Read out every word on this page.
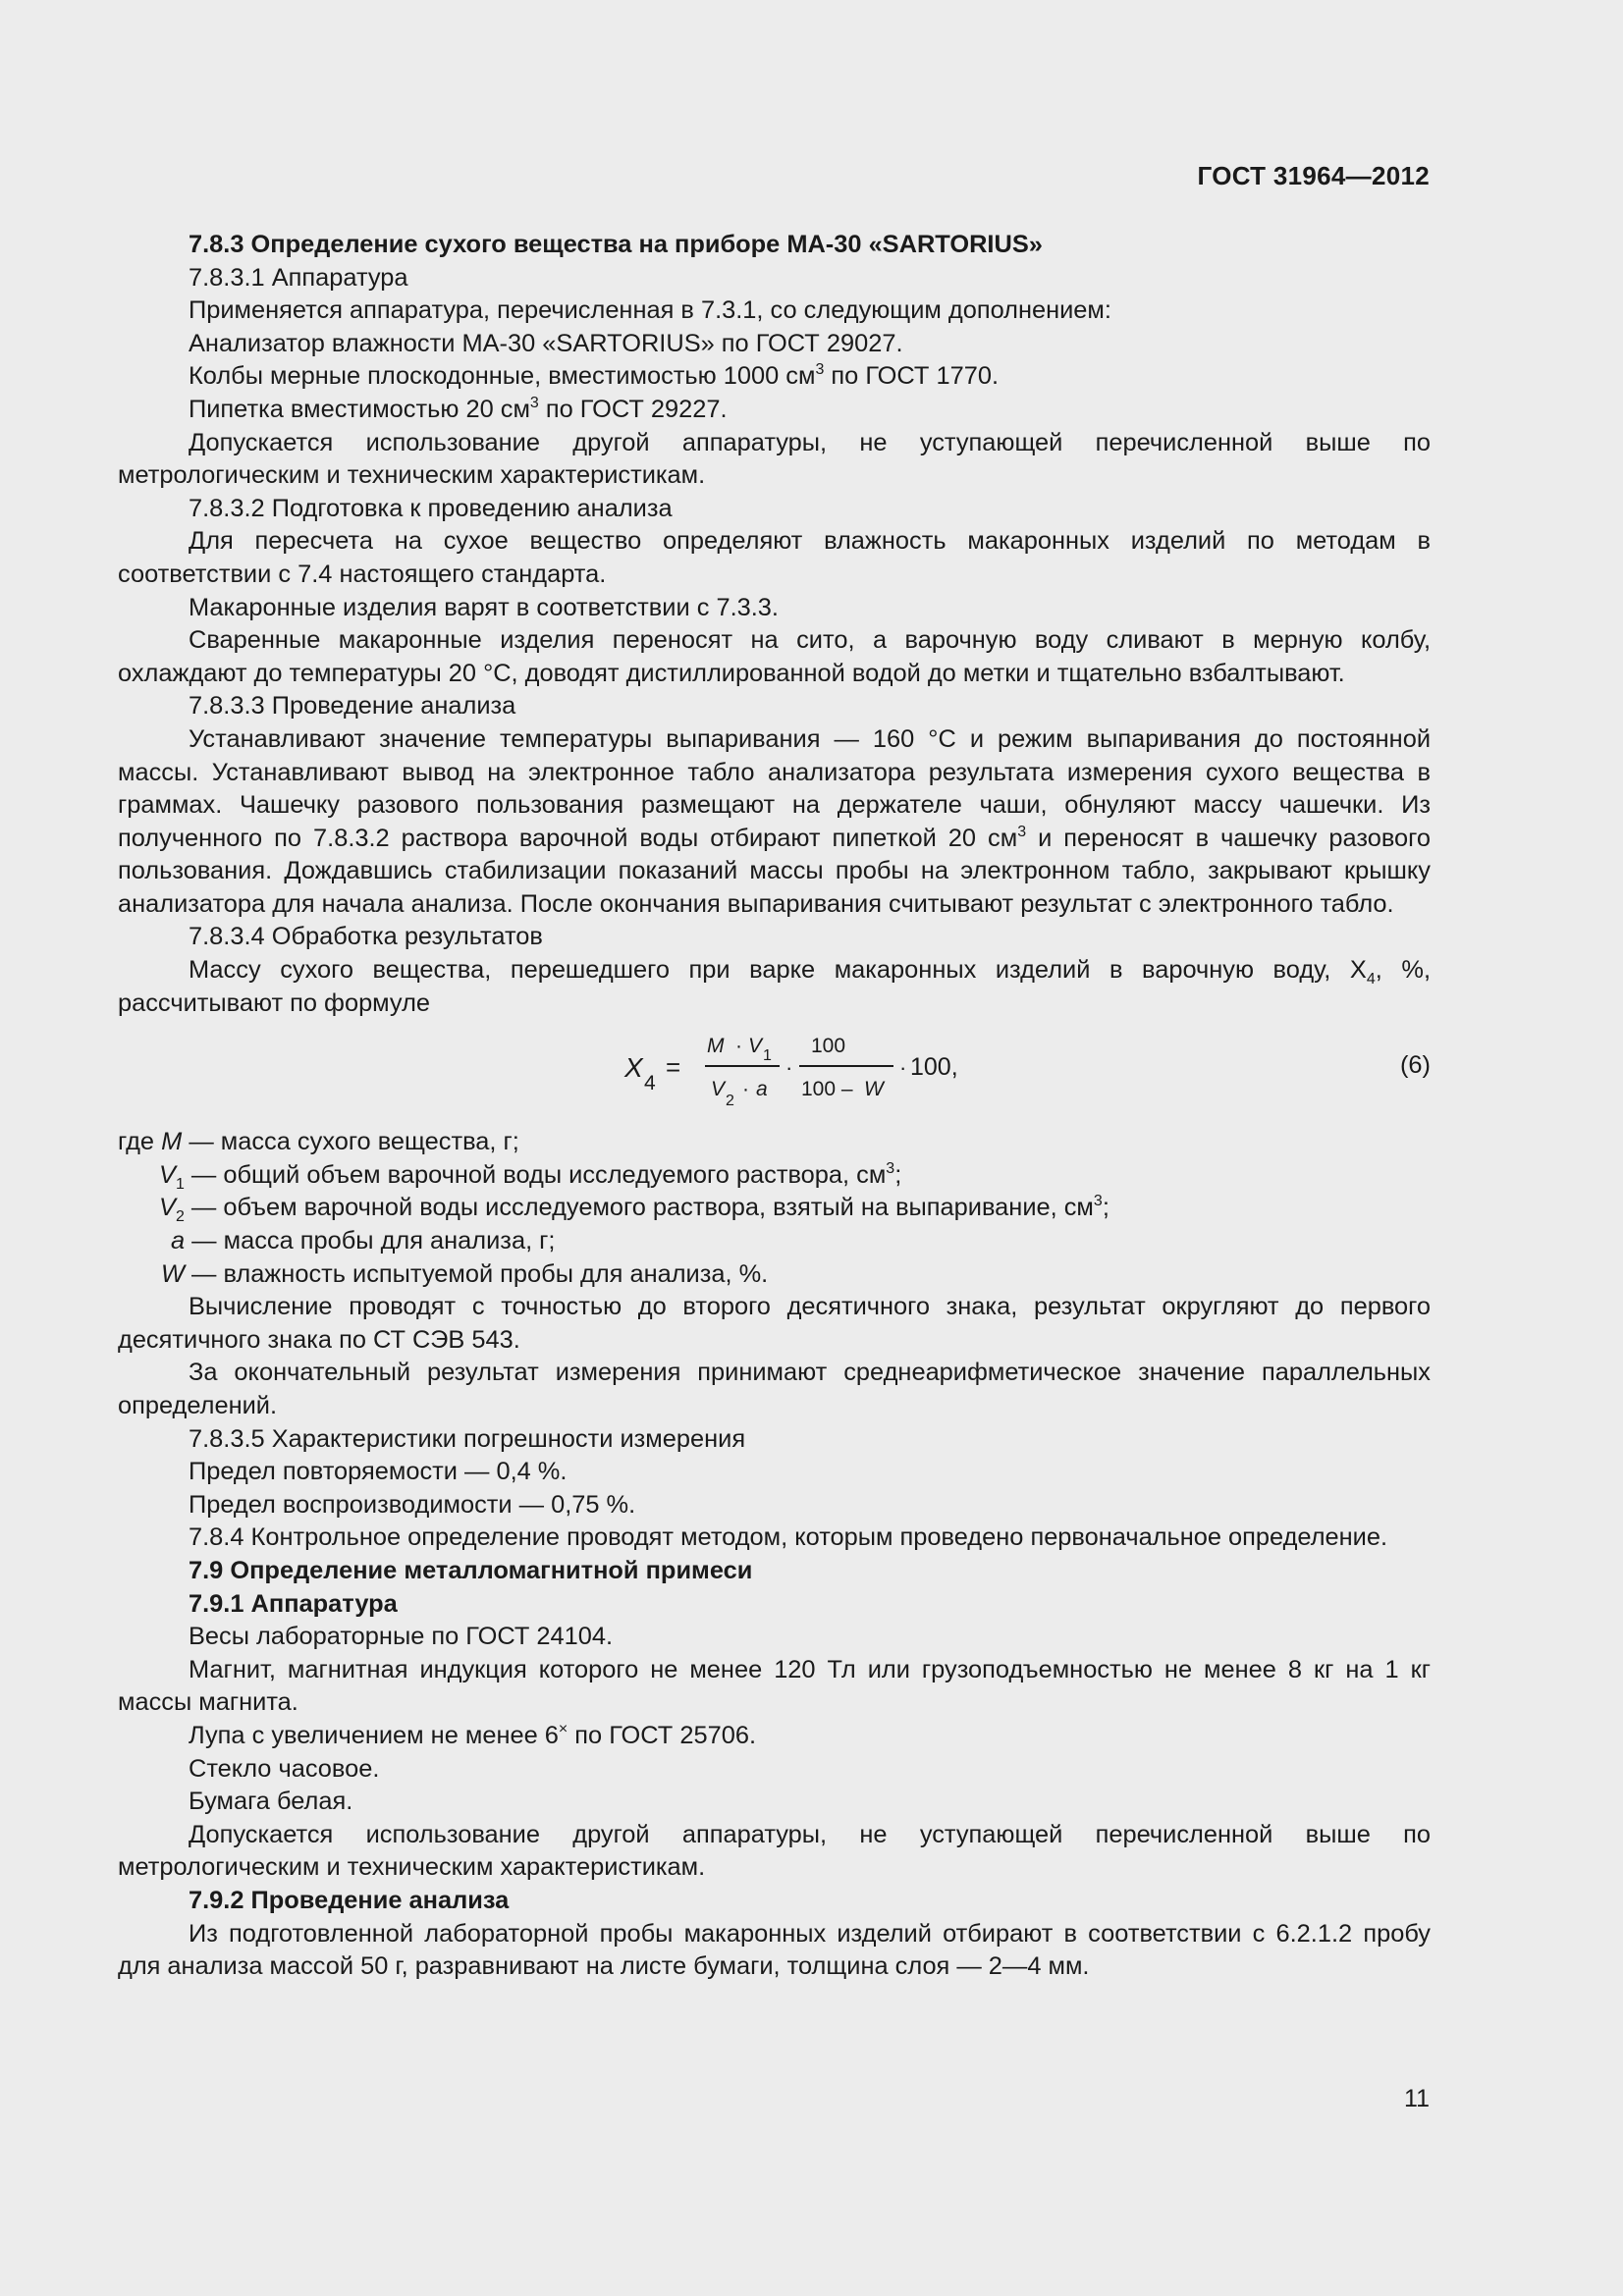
ГОСТ 31964—2012

7.8.3 Определение сухого вещества на приборе МА-30 «SARTORIUS»

7.8.3.1 Аппаратура

Применяется аппаратура, перечисленная в 7.3.1, со следующим дополнением:

Анализатор влажности МА-30 «SARTORIUS» по ГОСТ 29027.

Колбы мерные плоскодонные, вместимостью 1000 $см^3$ по ГОСТ 1770.

Пипетка вместимостью 20 $см^3$ по ГОСТ 29227.

Допускается использование другой аппаратуры, не уступающей перечисленной выше по метрологическим и техническим характеристикам.

7.8.3.2 Подготовка к проведению анализа

Для пересчета на сухое вещество определяют влажность макаронных изделий по методам в соответствии с 7.4 настоящего стандарта.

Макаронные изделия варят в соответствии с 7.3.3.

Сваренные макаронные изделия переносят на сито, а варочную воду сливают в мерную колбу, охлаждают до температуры 20 °С, доводят дистиллированной водой до метки и тщательно взбалтывают.

7.8.3.3 Проведение анализа

Устанавливают значение температуры выпаривания — 160 °С и режим выпаривания до постоянной массы. Устанавливают вывод на электронное табло анализатора результата измерения сухого вещества в граммах. Чашечку разового пользования размещают на держателе чаши, обнуляют массу чашечки. Из полученного по 7.8.3.2 раствора варочной воды отбирают пипеткой 20 $см^3$ и переносят в чашечку разового пользования. Дождавшись стабилизации показаний массы пробы на электронном табло, закрывают крышку анализатора для начала анализа. После окончания выпаривания считывают результат с электронного табло.

7.8.3.4 Обработка результатов

Массу сухого вещества, перешедшего при варке макаронных изделий в варочную воду, $Х_4$, %, рассчитывают по формуле

X
4
=
M · V 1
V
2
· a
·
100
100 – W
· 100,	(6)
где M — масса сухого вещества, г;
$V_1$ — общий объем варочной воды исследуемого раствора, $см^3$;
$V_2$ — объем варочной воды исследуемого раствора, взятый на выпаривание, $см^3$;
a — масса пробы для анализа, г;
W — влажность испытуемой пробы для анализа, %.

Вычисление проводят с точностью до второго десятичного знака, результат округляют до первого десятичного знака по СТ СЭВ 543.

За окончательный результат измерения принимают среднеарифметическое значение параллельных определений.

7.8.3.5 Характеристики погрешности измерения

Предел повторяемости — 0,4 %.

Предел воспроизводимости — 0,75 %.

7.8.4 Контрольное определение проводят методом, которым проведено первоначальное определение.

7.9 Определение металломагнитной примеси

7.9.1 Аппаратура

Весы лабораторные по ГОСТ 24104.

Магнит, магнитная индукция которого не менее 120 Тл или грузоподъемностью не менее 8 кг на 1 кг массы магнита.

Лупа с увеличением не менее 6× по ГОСТ 25706.

Стекло часовое.

Бумага белая.

Допускается использование другой аппаратуры, не уступающей перечисленной выше по метрологическим и техническим характеристикам.

7.9.2 Проведение анализа

Из подготовленной лабораторной пробы макаронных изделий отбирают в соответствии с 6.2.1.2 пробу для анализа массой 50 г, разравнивают на листе бумаги, толщина слоя — 2—4 мм.

11
